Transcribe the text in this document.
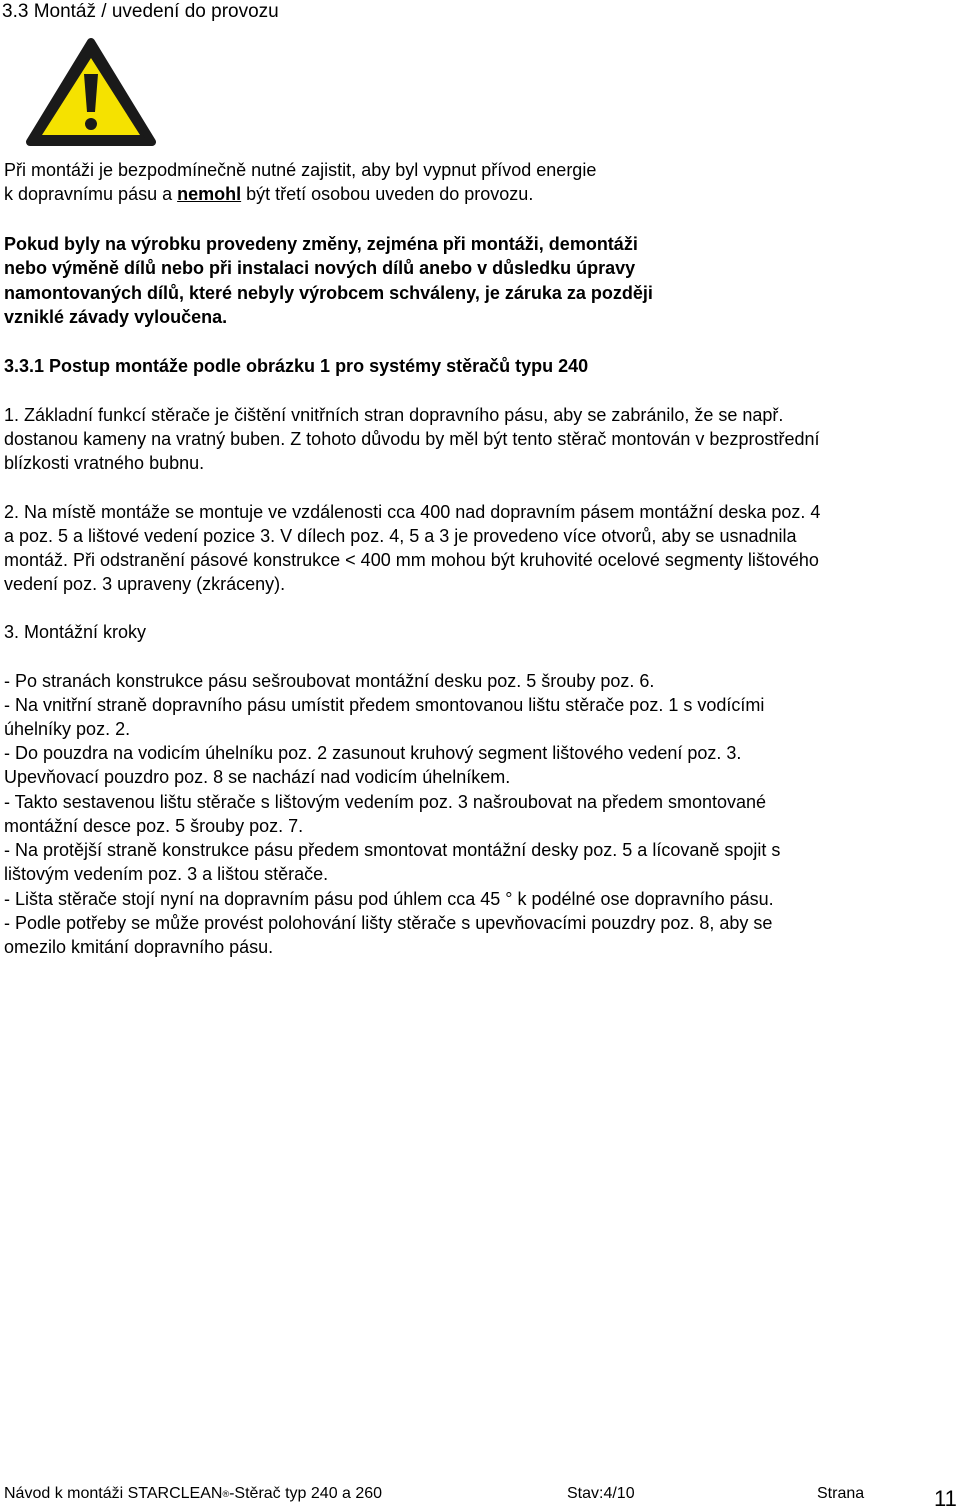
3.3 Montáž / uvedení do provozu
Při montáži je bezpodmínečně nutné zajistit, aby byl vypnut přívod energie
k dopravnímu pásu a nemohl být třetí osobou uveden do provozu.
Pokud byly na výrobku provedeny změny, zejména při montáži, demontáži
nebo výměně dílů nebo při instalaci nových dílů anebo v důsledku úpravy
namontovaných dílů, které nebyly výrobcem schváleny, je záruka za později
vzniklé závady vyloučena.
3.3.1 Postup montáže podle obrázku 1 pro systémy stěračů typu 240
1. Základní funkcí stěrače je čištění vnitřních stran dopravního pásu, aby se zabránilo, že se např.
dostanou kameny na vratný buben. Z tohoto důvodu by měl být tento stěrač montován v bezprostřední
blízkosti vratného bubnu.
2. Na místě montáže se montuje ve vzdálenosti cca 400 nad dopravním pásem montážní deska poz. 4
a poz. 5 a lištové vedení pozice 3. V dílech poz. 4, 5 a 3 je provedeno více otvorů, aby se usnadnila
montáž. Při odstranění pásové konstrukce < 400 mm mohou být kruhovité ocelové segmenty lištového
vedení poz. 3 upraveny (zkráceny).
3. Montážní kroky
- Po stranách konstrukce pásu sešroubovat montážní desku poz. 5 šrouby poz. 6.
- Na vnitřní straně dopravního pásu umístit předem smontovanou lištu stěrače poz. 1 s vodícími
úhelníky poz. 2.
- Do pouzdra na vodicím úhelníku poz. 2 zasunout kruhový segment lištového vedení poz. 3.
Upevňovací pouzdro poz. 8 se nachází nad vodicím úhelníkem.
- Takto sestavenou lištu stěrače s lištovým vedením poz. 3 našroubovat na předem smontované
montážní desce poz. 5 šrouby poz. 7.
- Na protější straně konstrukce pásu předem smontovat montážní desky poz. 5 a lícovaně spojit s
lištovým vedením poz. 3 a lištou stěrače.
- Lišta stěrače stojí nyní na dopravním pásu pod úhlem cca 45 ° k podélné ose dopravního pásu.
- Podle potřeby se může provést polohování lišty stěrače s upevňovacími pouzdry poz. 8, aby se
omezilo kmitání dopravního pásu.
Návod k montáži STARCLEAN®-Stěrač typ 240 a 260	Stav:4/10	Strana	11
